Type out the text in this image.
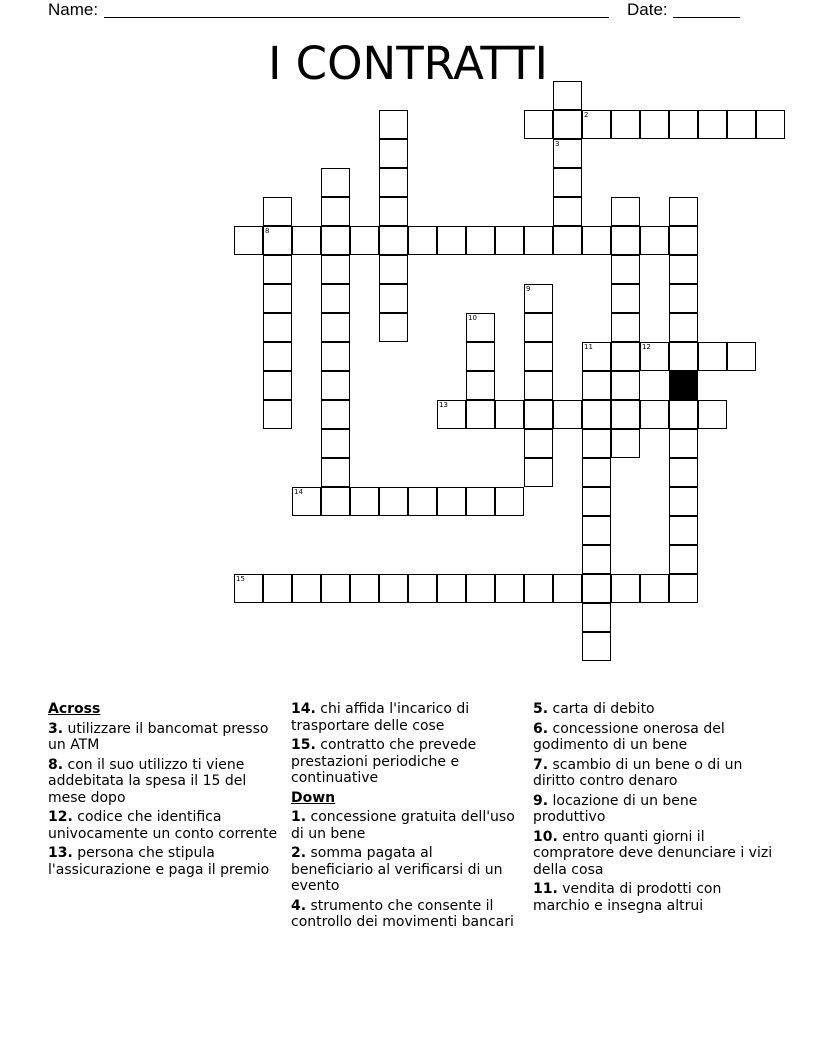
Name:	Date:
I CONTRATTI
3
2
8
9
10
12
11
13
14
15
Across
3. utilizzare il bancomat presso un ATM
8. con il suo utilizzo ti viene addebitata la spesa il 15 del mese dopo
12. codice che identifica univocamente un conto corrente
13. persona che stipula l'assicurazione e paga il premio
14. chi affida l'incarico di trasportare delle cose
15. contratto che prevede prestazioni periodiche e continuative
Down
1. concessione gratuita dell'uso di un bene
2. somma pagata al beneficiario al verificarsi di un evento
4. strumento che consente il controllo dei movimenti bancari
5. carta di debito
6. concessione onerosa del godimento di un bene
7. scambio di un bene o di un diritto contro denaro
9. locazione di un bene produttivo
10. entro quanti giorni il compratore deve denunciare i vizi della cosa
11. vendita di prodotti con marchio e insegna altrui
